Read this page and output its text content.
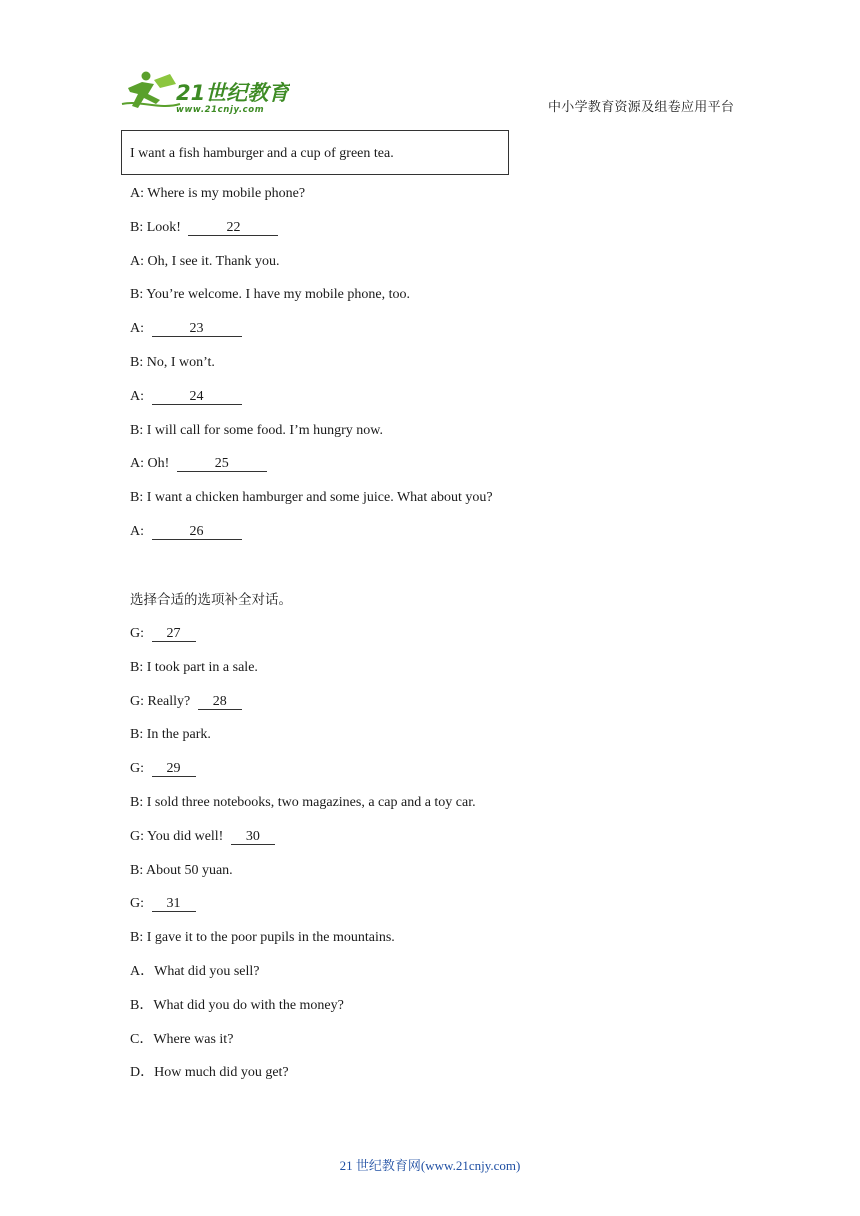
21世纪教育
www.21cnjy.com	中小学教育资源及组卷应用平台
I want a fish hamburger and a cup of green tea.
A: Where is my mobile phone?
B: Look!	22
A: Oh, I see it. Thank you.
B: You’re welcome. I have my mobile phone, too.
A:	23
B: No, I won’t.
A:	24
B: I will call for some food. I’m hungry now.
A: Oh!	25
B: I want a chicken hamburger and some juice. What about you?
A:	26
选择合适的选项补全对话。
G: 27
B: I took part in a sale.
G: Really? 28
B: In the park.
G: 29
B: I sold three notebooks, two magazines, a cap and a toy car.
G: You did well! 30
B: About 50 yuan.
G: 31
B: I gave it to the poor pupils in the mountains.
A．What did you sell?
B．What did you do with the money?
C．Where was it?
D．How much did you get?
21 世纪教育网(www.21cnjy.com)
